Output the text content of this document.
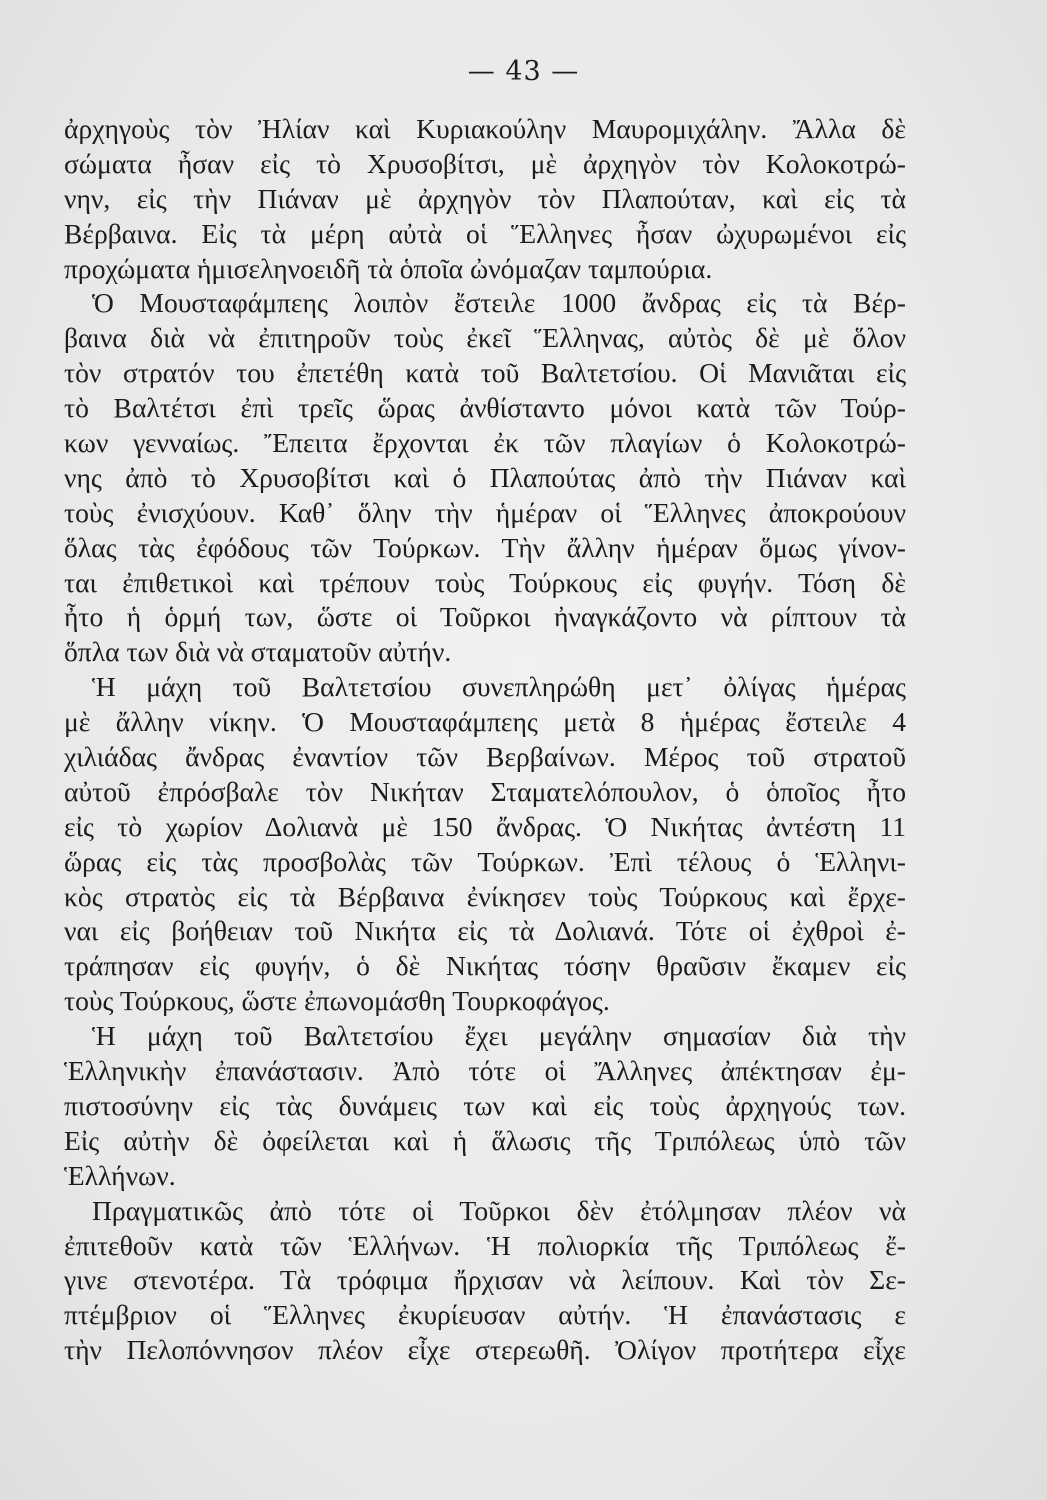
— 43 —
ἀρχηγοὺς τὸν Ἠλίαν καὶ Κυριακούλην Μαυρομιχάλην. Ἄλλα δὲ
σώματα ἦσαν εἰς τὸ Χρυσοβίτσι, μὲ ἀρχηγὸν τὸν Κολοκοτρώ-
νην, εἰς τὴν Πιάναν μὲ ἀρχηγὸν τὸν Πλαπούταν, καὶ εἰς τὰ
Βέρβαινα. Εἰς τὰ μέρη αὐτὰ οἱ Ἕλληνες ἦσαν ὠχυρωμένοι εἰς
προχώματα ἡμισεληνοειδῆ τὰ ὁποῖα ὠνόμαζαν ταμπούρια.
Ὁ Μουσταφάμπεης λοιπὸν ἔστειλε 1000 ἄνδρας εἰς τὰ Βέρ-
βαινα διὰ νὰ ἐπιτηροῦν τοὺς ἐκεῖ Ἕλληνας, αὐτὸς δὲ μὲ ὅλον
τὸν στρατόν του ἐπετέθη κατὰ τοῦ Βαλτετσίου. Οἱ Μανιᾶται εἰς
τὸ Βαλτέτσι ἐπὶ τρεῖς ὥρας ἀνθίσταντο μόνοι κατὰ τῶν Τούρ-
κων γενναίως. Ἔπειτα ἔρχονται ἐκ τῶν πλαγίων ὁ Κολοκοτρώ-
νης ἀπὸ τὸ Χρυσοβίτσι καὶ ὁ Πλαπούτας ἀπὸ τὴν Πιάναν καὶ
τοὺς ἐνισχύουν. Καθ᾿ ὅλην τὴν ἡμέραν οἱ Ἕλληνες ἀποκρούουν
ὅλας τὰς ἐφόδους τῶν Τούρκων. Τὴν ἄλλην ἡμέραν ὅμως γίνον-
ται ἐπιθετικοὶ καὶ τρέπουν τοὺς Τούρκους εἰς φυγήν. Τόση δὲ
ἦτο ἡ ὁρμή των, ὥστε οἱ Τοῦρκοι ἠναγκάζοντο νὰ ρίπτουν τὰ
ὅπλα των διὰ νὰ σταματοῦν αὐτήν.
Ἡ μάχη τοῦ Βαλτετσίου συνεπληρώθη μετ᾿ ὀλίγας ἡμέρας
μὲ ἄλλην νίκην. Ὁ Μουσταφάμπεης μετὰ 8 ἡμέρας ἔστειλε 4
χιλιάδας ἄνδρας ἐναντίον τῶν Βερβαίνων. Μέρος τοῦ στρατοῦ
αὐτοῦ ἐπρόσβαλε τὸν Νικήταν Σταματελόπουλον, ὁ ὁποῖος ἦτο
εἰς τὸ χωρίον Δολιανὰ μὲ 150 ἄνδρας. Ὁ Νικήτας ἀντέστη 11
ὥρας εἰς τὰς προσβολὰς τῶν Τούρκων. Ἐπὶ τέλους ὁ Ἑλληνι-
κὸς στρατὸς εἰς τὰ Βέρβαινα ἐνίκησεν τοὺς Τούρκους καὶ ἔρχε-
ναι εἰς βοήθειαν τοῦ Νικήτα εἰς τὰ Δολιανά. Τότε οἱ ἐχθροὶ ἐ-
τράπησαν εἰς φυγήν, ὁ δὲ Νικήτας τόσην θραῦσιν ἔκαμεν εἰς
τοὺς Τούρκους, ὥστε ἐπωνομάσθη Τουρκοφάγος.
Ἡ μάχη τοῦ Βαλτετσίου ἔχει μεγάλην σημασίαν διὰ τὴν
Ἑλληνικὴν ἐπανάστασιν. Ἀπὸ τότε οἱ Ἄλληνες ἀπέκτησαν ἐμ-
πιστοσύνην εἰς τὰς δυνάμεις των καὶ εἰς τοὺς ἀρχηγούς των.
Εἰς αὐτὴν δὲ ὀφείλεται καὶ ἡ ἅλωσις τῆς Τριπόλεως ὑπὸ τῶν
Ἑλλήνων.
Πραγματικῶς ἀπὸ τότε οἱ Τοῦρκοι δὲν ἐτόλμησαν πλέον νὰ
ἐπιτεθοῦν κατὰ τῶν Ἑλλήνων. Ἡ πολιορκία τῆς Τριπόλεως ἔ-
γινε στενοτέρα. Τὰ τρόφιμα ἤρχισαν νὰ λείπουν. Καὶ τὸν Σε-
πτέμβριον οἱ Ἕλληνες ἐκυρίευσαν αὐτήν. Ἡ ἐπανάστασις ε
τὴν Πελοπόννησον πλέον εἶχε στερεωθῆ. Ὀλίγον προτήτερα εἶχε
